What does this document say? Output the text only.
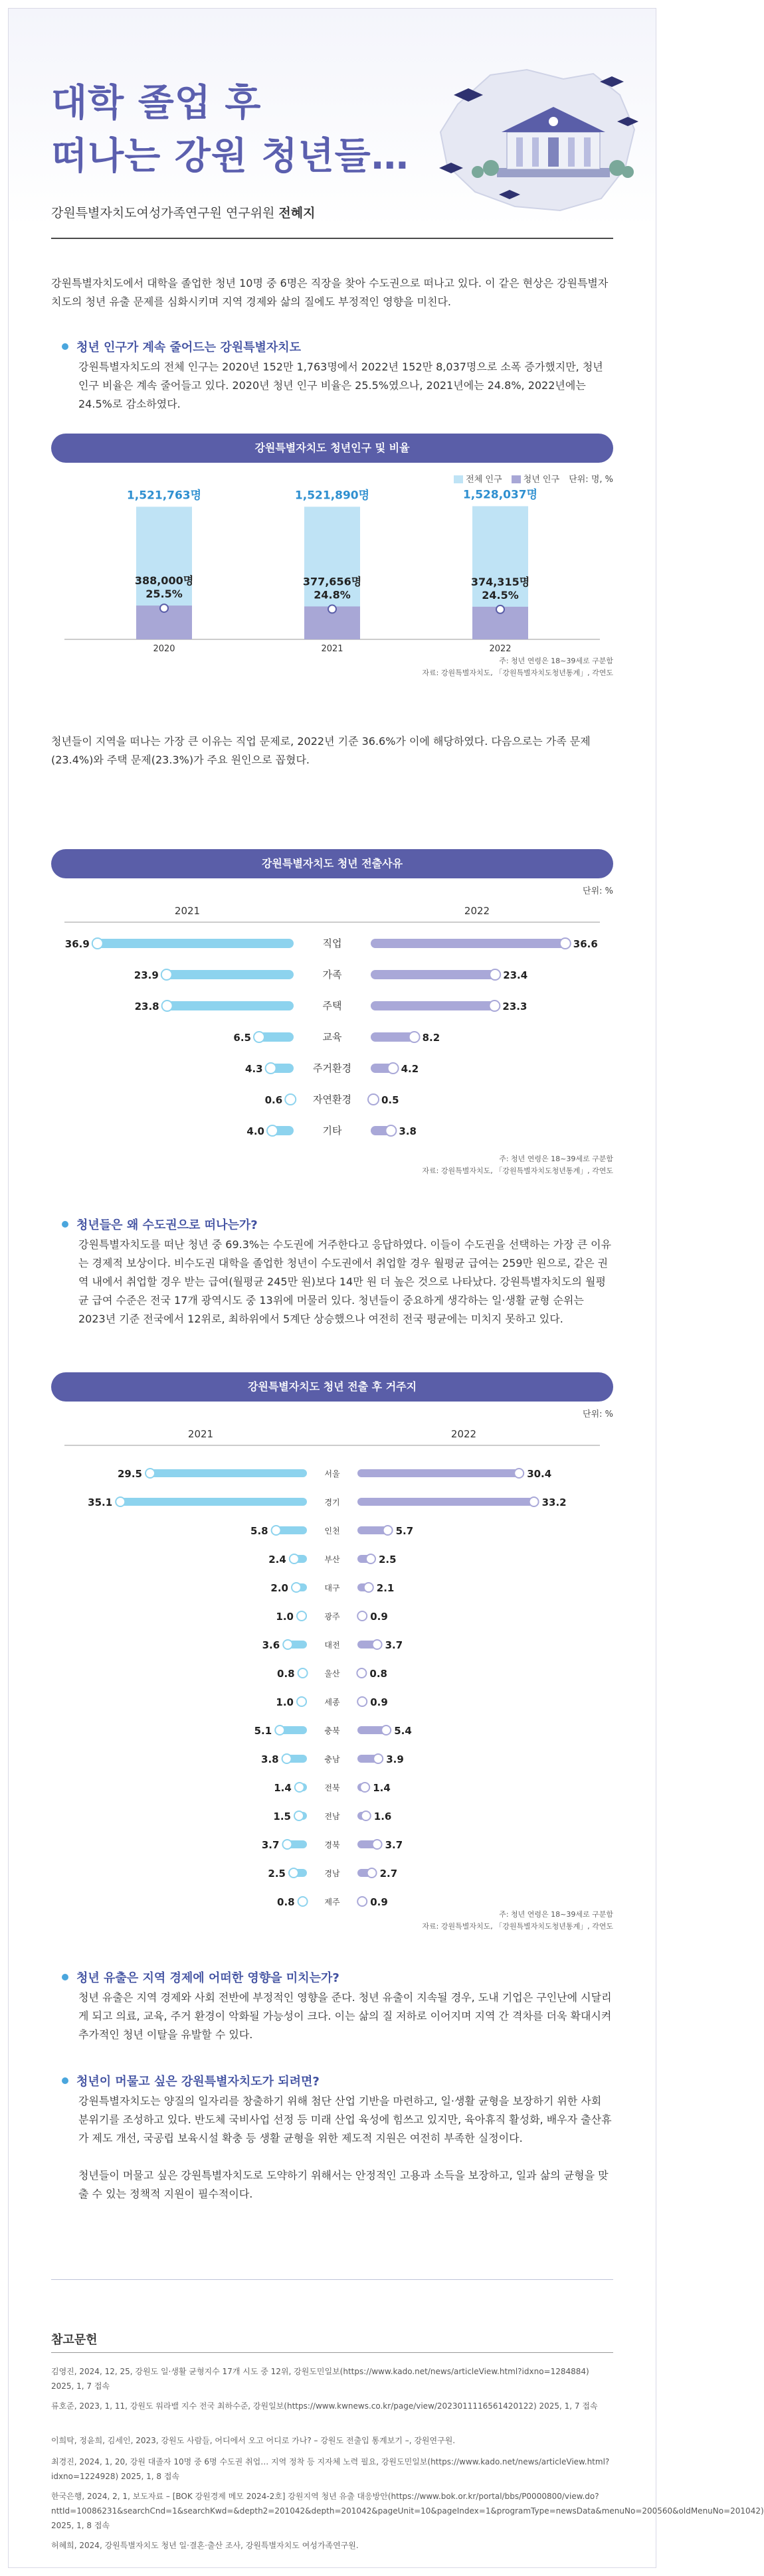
대학 졸업 후
떠나는 강원 청년들…
강원특별자치도여성가족연구원 연구위원 전혜지
강원특별자치도에서 대학을 졸업한 청년 10명 중 6명은 직장을 찾아 수도권으로 떠나고 있다. 이 같은 현상은 강원특별자치도의 청년 유출 문제를 심화시키며 지역 경제와 삶의 질에도 부정적인 영향을 미친다.
청년 인구가 계속 줄어드는 강원특별자치도
강원특별자치도의 전체 인구는 2020년 152만 1,763명에서 2022년 152만 8,037명으로 소폭 증가했지만, 청년 인구 비율은 계속 줄어들고 있다. 2020년 청년 인구 비율은 25.5%였으나, 2021년에는 24.8%, 2022년에는 24.5%로 감소하였다.
강원특별자치도 청년인구 및 비율
전체 인구 청년 인구 단위: 명, %
1,521,763명
388,000명
25.5%
2020
1,521,890명
377,656명
24.8%
2021
1,528,037명
374,315명
24.5%
2022
주: 청년 연령은 18~39세로 구분함
자료: 강원특별자치도, 「강원특별자치도청년통계」, 각연도
청년들이 지역을 떠나는 가장 큰 이유는 직업 문제로, 2022년 기준 36.6%가 이에 해당하였다. 다음으로는 가족 문제(23.4%)와 주택 문제(23.3%)가 주요 원인으로 꼽혔다.
강원특별자치도 청년 전출사유
단위: %
2021	2022
36.9	36.6
직업
23.9	23.4
가족
23.8	23.3
주택
6.5	8.2
교육
4.3	4.2
주거환경
0.6	0.5
자연환경
4.0	3.8
기타
주: 청년 연령은 18~39세로 구분함
자료: 강원특별자치도, 「강원특별자치도청년통계」, 각연도
청년들은 왜 수도권으로 떠나는가?
강원특별자치도를 떠난 청년 중 69.3%는 수도권에 거주한다고 응답하였다. 이들이 수도권을 선택하는 가장 큰 이유는 경제적 보상이다. 비수도권 대학을 졸업한 청년이 수도권에서 취업할 경우 월평균 급여는 259만 원으로, 같은 권역 내에서 취업할 경우 받는 급여(월평균 245만 원)보다 14만 원 더 높은 것으로 나타났다. 강원특별자치도의 월평균 급여 수준은 전국 17개 광역시도 중 13위에 머물러 있다. 청년들이 중요하게 생각하는 일·생활 균형 순위는 2023년 기준 전국에서 12위로, 최하위에서 5계단 상승했으나 여전히 전국 평균에는 미치지 못하고 있다.
강원특별자치도 청년 전출 후 거주지
단위: %
2021	2022
29.5	30.4
서울
35.1	33.2
경기
5.8	5.7
인천
2.4	2.5
부산
2.0	2.1
대구
1.0	0.9
광주
3.6	3.7
대전
0.8	0.8
울산
1.0	0.9
세종
5.1	5.4
충북
3.8	3.9
충남
1.4	1.4
전북
1.5	1.6
전남
3.7	3.7
경북
2.5	2.7
경남
0.8	0.9
제주
주: 청년 연령은 18~39세로 구분함
자료: 강원특별자치도, 「강원특별자치도청년통계」, 각연도
청년 유출은 지역 경제에 어떠한 영향을 미치는가?
청년 유출은 지역 경제와 사회 전반에 부정적인 영향을 준다. 청년 유출이 지속될 경우, 도내 기업은 구인난에 시달리게 되고 의료, 교육, 주거 환경이 악화될 가능성이 크다. 이는 삶의 질 저하로 이어지며 지역 간 격차를 더욱 확대시켜 추가적인 청년 이탈을 유발할 수 있다.
청년이 머물고 싶은 강원특별자치도가 되려면?
강원특별자치도는 양질의 일자리를 창출하기 위해 첨단 산업 기반을 마련하고, 일·생활 균형을 보장하기 위한 사회 분위기를 조성하고 있다. 반도체 국비사업 선정 등 미래 산업 육성에 힘쓰고 있지만, 육아휴직 활성화, 배우자 출산휴가 제도 개선, 국공립 보육시설 확충 등 생활 균형을 위한 제도적 지원은 여전히 부족한 실정이다.
청년들이 머물고 싶은 강원특별자치도로 도약하기 위해서는 안정적인 고용과 소득을 보장하고, 일과 삶의 균형을 맞출 수 있는 정책적 지원이 필수적이다.
참고문헌
김영진, 2024, 12, 25, 강원도 일·생활 균형지수 17개 시도 중 12위, 강원도민일보(https://www.kado.net/news/articleView.html?idxno=1284884) 2025, 1, 7 접속
류호준, 2023, 1, 11, 강원도 워라밸 지수 전국 최하수준, 강원일보(https://www.kwnews.co.kr/page/view/2023011116561420122) 2025, 1, 7 접속
이희탁, 정윤희, 김세인, 2023, 강원도 사람들, 어디에서 오고 어디로 가나? – 강원도 전출입 통계보기 –, 강원연구원.
최경진, 2024, 1, 20, 강원 대졸자 10명 중 6명 수도권 취업… 지역 정착 등 지자체 노력 필요, 강원도민일보(https://www.kado.net/news/articleView.html?idxno=1224928) 2025, 1, 8 접속
한국은행, 2024, 2, 1, 보도자료 – [BOK 강원경제 메모 2024-2호] 강원지역 청년 유출 대응방안(https://www.bok.or.kr/portal/bbs/P0000800/view.do?nttId=10086231&searchCnd=1&searchKwd=&depth2=201042&depth=201042&pageUnit=10&pageIndex=1&programType=newsData&menuNo=200560&oldMenuNo=201042) 2025, 1, 8 접속
허혜희, 2024, 강원특별자치도 청년 일·결혼·출산 조사, 강원특별자치도 여성가족연구원.
